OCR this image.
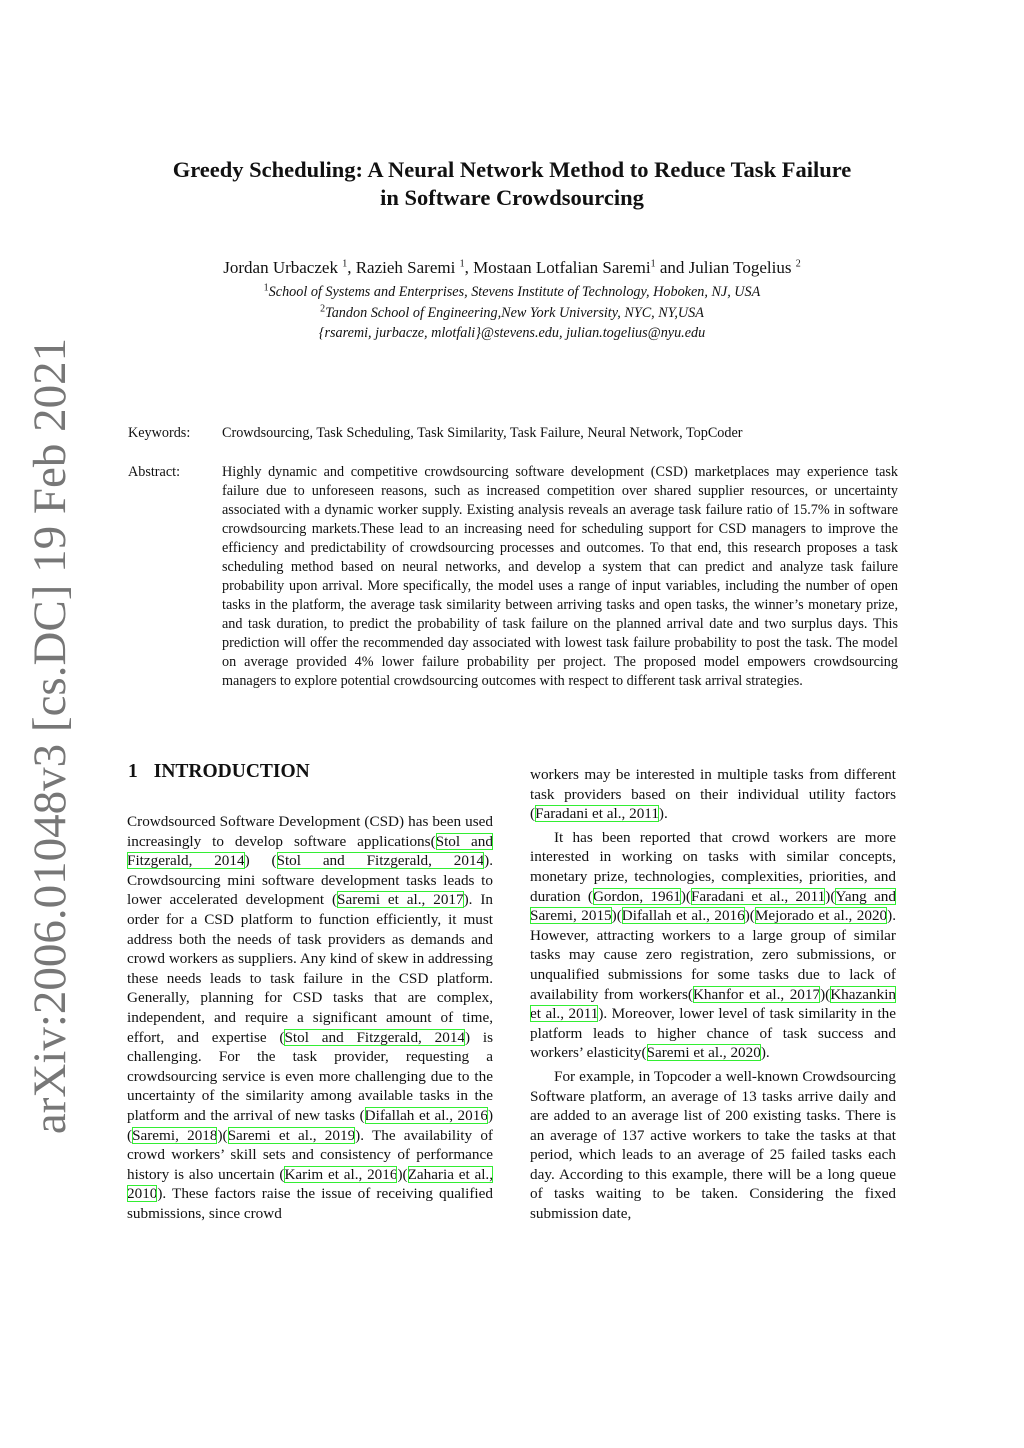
arXiv:2006.01048v3 [cs.DC] 19 Feb 2021
Greedy Scheduling: A Neural Network Method to Reduce Task Failure
in Software Crowdsourcing
Jordan Urbaczek $^1$, Razieh Saremi $^1$, Mostaan Lotfalian Saremi$^1$ and Julian Togelius $^2$
$^1$School of Systems and Enterprises, Stevens Institute of Technology, Hoboken, NJ, USA
$^2$Tandon School of Engineering,New York University, NYC, NY,USA
{rsaremi, jurbacze, mlotfali}@stevens.edu, julian.togelius@nyu.edu
Keywords: Crowdsourcing, Task Scheduling, Task Similarity, Task Failure, Neural Network, TopCoder
Abstract:	Highly dynamic and competitive crowdsourcing software development (CSD) marketplaces may experience task failure due to unforeseen reasons, such as increased competition over shared supplier resources, or uncertainty associated with a dynamic worker supply. Existing analysis reveals an average task failure ratio of 15.7% in software crowdsourcing markets.These lead to an increasing need for scheduling support for CSD managers to improve the efficiency and predictability of crowdsourcing processes and outcomes. To that end, this research proposes a task scheduling method based on neural networks, and develop a system that can predict and analyze task failure probability upon arrival. More specifically, the model uses a range of input variables, including the number of open tasks in the platform, the average task similarity between arriving tasks and open tasks, the winner’s monetary prize, and task duration, to predict the probability of task failure on the planned arrival date and two surplus days. This prediction will offer the recommended day associated with lowest task failure probability to post the task. The model on average provided 4% lower failure probability per project. The proposed model empowers crowdsourcing managers to explore potential crowdsourcing outcomes with respect to different task arrival strategies.
1 INTRODUCTION

Crowdsourced Software Development (CSD) has been used increasingly to develop software applications(Stol and Fitzgerald, 2014) (Stol and Fitzgerald, 2014). Crowdsourcing mini software development tasks leads to lower accelerated development (Saremi et al., 2017). In order for a CSD platform to function efficiently, it must address both the needs of task providers as demands and crowd workers as suppliers. Any kind of skew in addressing these needs leads to task failure in the CSD platform. Generally, planning for CSD tasks that are complex, independent, and require a significant amount of time, effort, and expertise (Stol and Fitzgerald, 2014) is challenging. For the task provider, requesting a crowdsourcing service is even more challenging due to the uncertainty of the similarity among available tasks in the platform and the arrival of new tasks (Difallah et al., 2016)(Saremi, 2018)(Saremi et al., 2019). The availability of crowd workers’ skill sets and consistency of performance history is also uncertain (Karim et al., 2016)(Zaharia et al., 2010). These factors raise the issue of receiving qualified submissions, since crowd

workers may be interested in multiple tasks from different task providers based on their individual utility factors (Faradani et al., 2011).

It has been reported that crowd workers are more interested in working on tasks with similar concepts, monetary prize, technologies, complexities, priorities, and duration (Gordon, 1961)(Faradani et al., 2011)(Yang and Saremi, 2015)(Difallah et al., 2016)(Mejorado et al., 2020). However, attracting workers to a large group of similar tasks may cause zero registration, zero submissions, or unqualified submissions for some tasks due to lack of availability from workers(Khanfor et al., 2017)(Khazankin et al., 2011). Moreover, lower level of task similarity in the platform leads to higher chance of task success and workers’ elasticity(Saremi et al., 2020).

For example, in Topcoder a well-known Crowdsourcing Software platform, an average of 13 tasks arrive daily and are added to an average list of 200 existing tasks. There is an average of 137 active workers to take the tasks at that period, which leads to an average of 25 failed tasks each day. According to this example, there will be a long queue of tasks waiting to be taken. Considering the fixed submission date,
